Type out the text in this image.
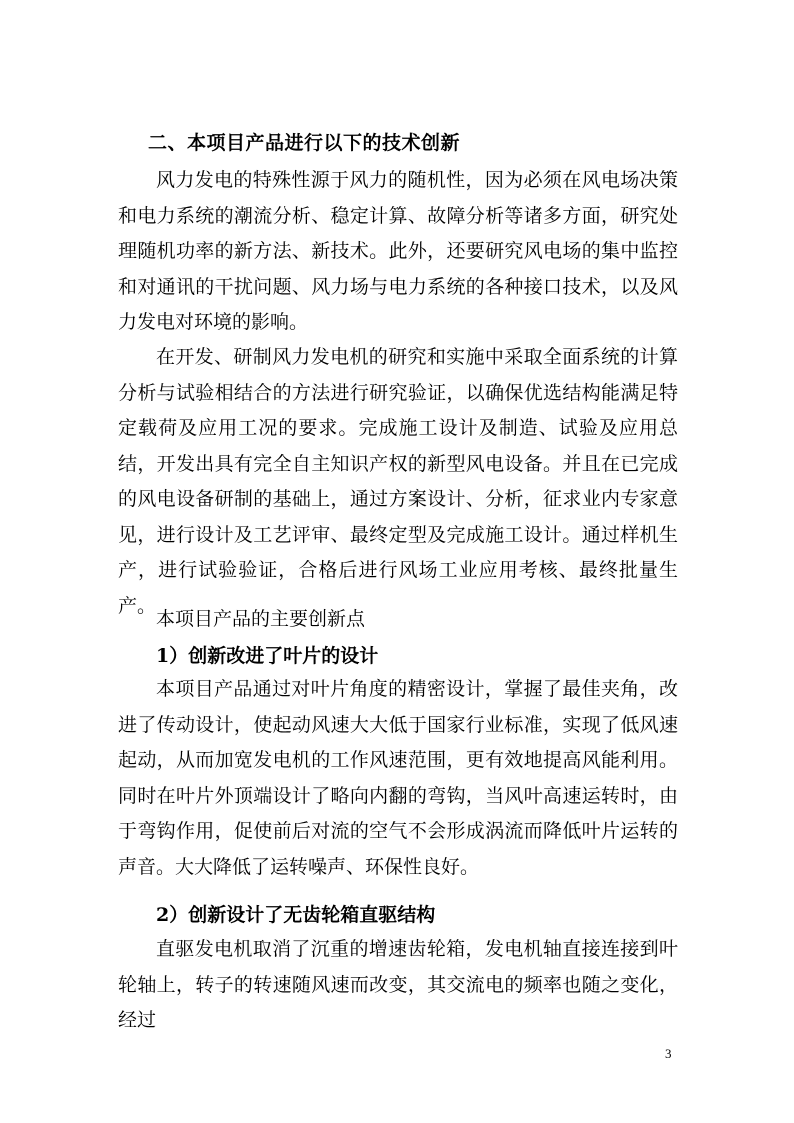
二、本项目产品进行以下的技术创新

风力发电的特殊性源于风力的随机性，因为必须在风电场决策和电力系统的潮流分析、稳定计算、故障分析等诸多方面，研究处理随机功率的新方法、新技术。此外，还要研究风电场的集中监控和对通讯的干扰问题、风力场与电力系统的各种接口技术，以及风力发电对环境的影响。

在开发、研制风力发电机的研究和实施中采取全面系统的计算分析与试验相结合的方法进行研究验证，以确保优选结构能满足特定载荷及应用工况的要求。完成施工设计及制造、试验及应用总结，开发出具有完全自主知识产权的新型风电设备。并且在已完成的风电设备研制的基础上，通过方案设计、分析，征求业内专家意见，进行设计及工艺评审、最终定型及完成施工设计。通过样机生产，进行试验验证，合格后进行风场工业应用考核、最终批量生产。

本项目产品的主要创新点
1）创新改进了叶片的设计

本项目产品通过对叶片角度的精密设计，掌握了最佳夹角，改进了传动设计，使起动风速大大低于国家行业标准，实现了低风速起动，从而加宽发电机的工作风速范围，更有效地提高风能利用。同时在叶片外顶端设计了略向内翻的弯钩，当风叶高速运转时，由于弯钩作用，促使前后对流的空气不会形成涡流而降低叶片运转的声音。大大降低了运转噪声、环保性良好。

2）创新设计了无齿轮箱直驱结构

直驱发电机取消了沉重的增速齿轮箱，发电机轴直接连接到叶轮轴上，转子的转速随风速而改变，其交流电的频率也随之变化，经过

3
